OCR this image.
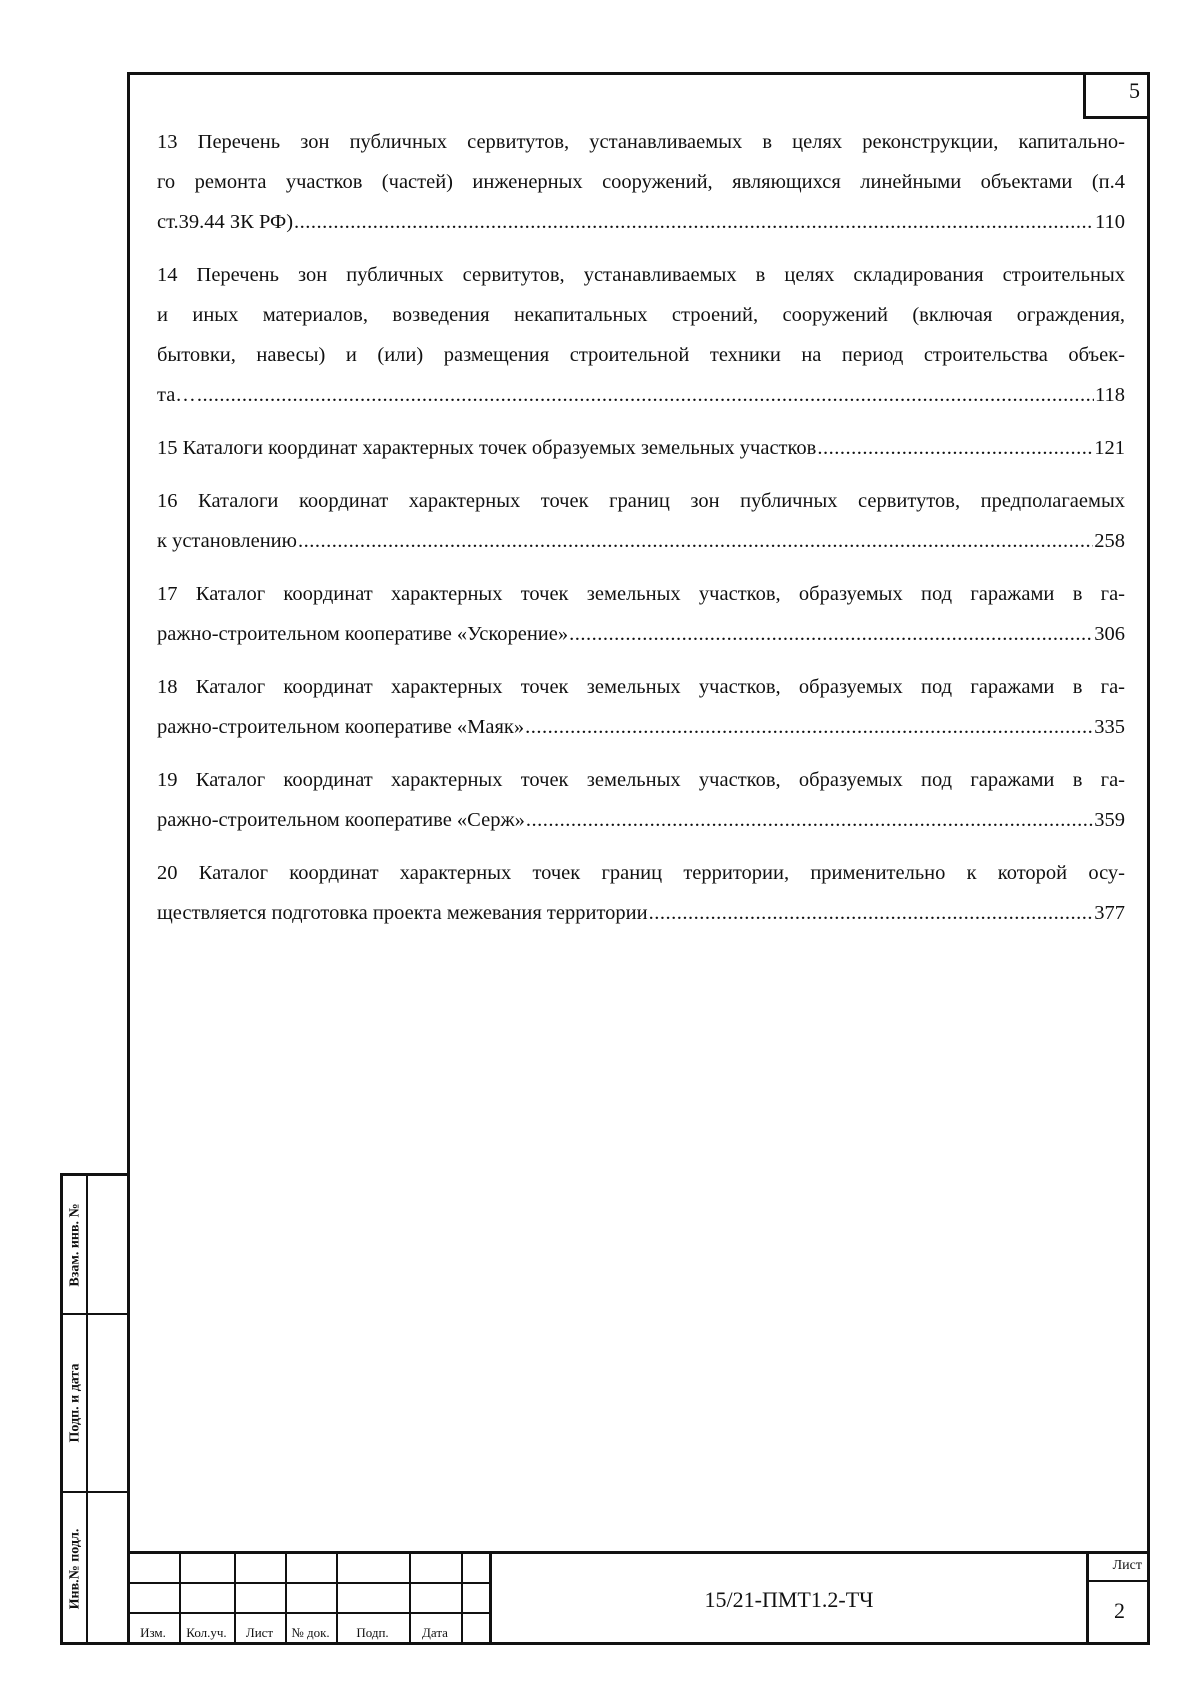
5
13 Перечень зон публичных сервитутов, устанавливаемых в целях реконструкции, капитально-
го ремонта участков (частей) инженерных сооружений, являющихся линейными объектами (п.4
ст.39.44 ЗК РФ) .....	110
14 Перечень зон публичных сервитутов, устанавливаемых в целях складирования строительных
и иных материалов, возведения некапитальных строений, сооружений (включая ограждения,
бытовки, навесы) и (или) размещения строительной техники на период строительства объек-
та… .....	118
15 Каталоги координат характерных точек образуемых земельных участков .....	121
16 Каталоги координат характерных точек границ зон публичных сервитутов, предполагаемых
к установлению .....	258
17 Каталог координат характерных точек земельных участков, образуемых под гаражами в га-
ражно-строительном кооперативе «Ускорение» .....	306
18 Каталог координат характерных точек земельных участков, образуемых под гаражами в га-
ражно-строительном кооперативе «Маяк» .....	335
19 Каталог координат характерных точек земельных участков, образуемых под гаражами в га-
ражно-строительном кооперативе «Серж» .....	359
20 Каталог координат характерных точек границ территории, применительно к которой осу-
ществляется подготовка проекта межевания территории .....	377
Взам. инв. №
Подп. и дата
Инв.№ подл.
Изм.	Кол.уч.	Лист	№ док.	Подп.	Дата
15/21-ПМТ1.2-ТЧ
Лист
2
